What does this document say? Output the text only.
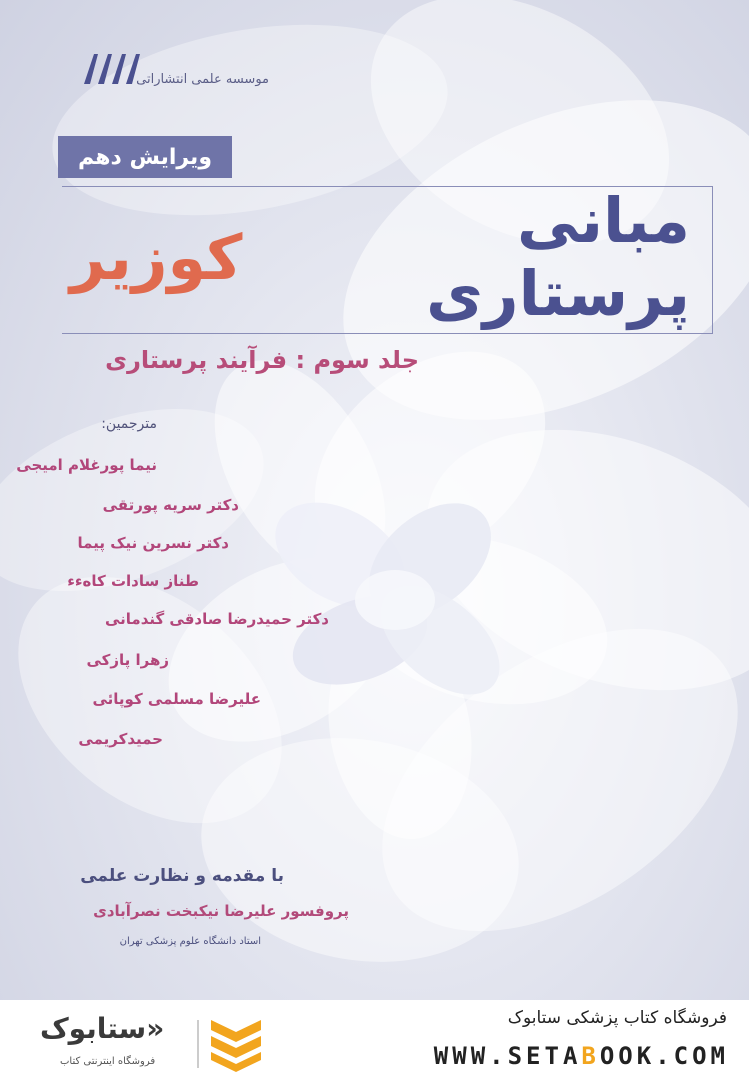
موسسه علمی انتشاراتی
ویرایش دهم
مبانی پرستاری

کوزیر
جلد سوم : فرآیند پرستاری
مترجمین:
نیما پورغلام امیجی
دکتر سریه پورتقی
دکتر نسرین نیک پیما
طناز سادات کاهءء
دکتر حمیدرضا صادقی گندمانی
زهرا پازکی
علیرضا مسلمی کوپائی
حمیدکریمی
با مقدمه و نظارت علمی
پروفسور علیرضا نیکبخت نصرآبادی
استاد دانشگاه علوم پزشکی تهران
«ستابوک
فروشگاه اینترنتی کتاب
فروشگاه کتاب پزشکی ستابوک
WWW.SETABOOK.COM
